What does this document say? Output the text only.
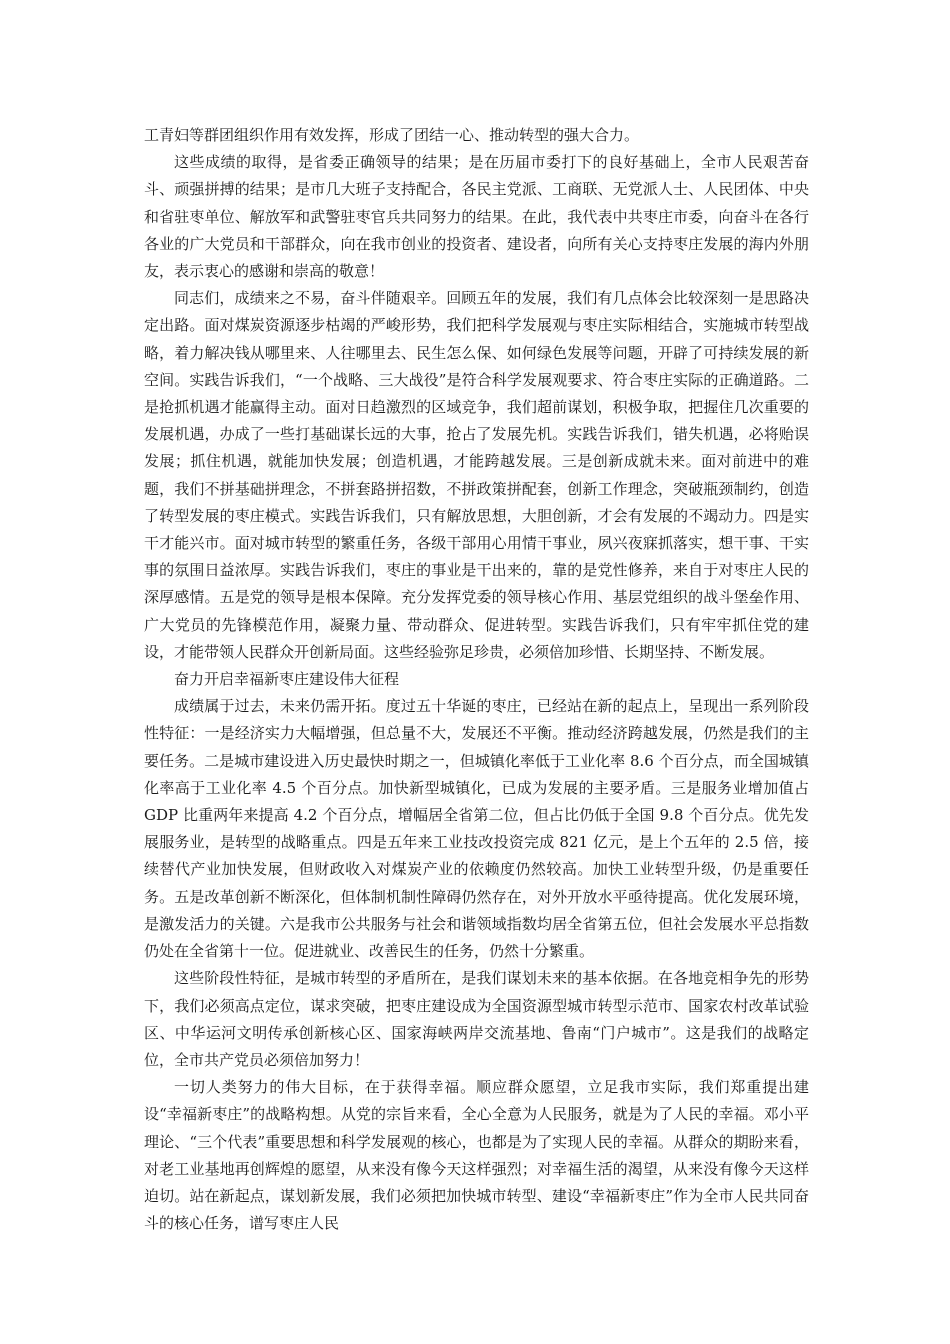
工青妇等群团组织作用有效发挥，形成了团结一心、推动转型的强大合力。

这些成绩的取得，是省委正确领导的结果；是在历届市委打下的良好基础上，全市人民艰苦奋斗、顽强拼搏的结果；是市几大班子支持配合，各民主党派、工商联、无党派人士、人民团体、中央和省驻枣单位、解放军和武警驻枣官兵共同努力的结果。在此，我代表中共枣庄市委，向奋斗在各行各业的广大党员和干部群众，向在我市创业的投资者、建设者，向所有关心支持枣庄发展的海内外朋友，表示衷心的感谢和崇高的敬意！

同志们，成绩来之不易，奋斗伴随艰辛。回顾五年的发展，我们有几点体会比较深刻一是思路决定出路。面对煤炭资源逐步枯竭的严峻形势，我们把科学发展观与枣庄实际相结合，实施城市转型战略，着力解决钱从哪里来、人往哪里去、民生怎么保、如何绿色发展等问题，开辟了可持续发展的新空间。实践告诉我们，“一个战略、三大战役”是符合科学发展观要求、符合枣庄实际的正确道路。二是抢抓机遇才能赢得主动。面对日趋激烈的区域竞争，我们超前谋划，积极争取，把握住几次重要的发展机遇，办成了一些打基础谋长远的大事，抢占了发展先机。实践告诉我们，错失机遇，必将贻误发展；抓住机遇，就能加快发展；创造机遇，才能跨越发展。三是创新成就未来。面对前进中的难题，我们不拼基础拼理念，不拼套路拼招数，不拼政策拼配套，创新工作理念，突破瓶颈制约，创造了转型发展的枣庄模式。实践告诉我们，只有解放思想，大胆创新，才会有发展的不竭动力。四是实干才能兴市。面对城市转型的繁重任务，各级干部用心用情干事业，夙兴夜寐抓落实，想干事、干实事的氛围日益浓厚。实践告诉我们，枣庄的事业是干出来的，靠的是党性修养，来自于对枣庄人民的深厚感情。五是党的领导是根本保障。充分发挥党委的领导核心作用、基层党组织的战斗堡垒作用、广大党员的先锋模范作用，凝聚力量、带动群众、促进转型。实践告诉我们，只有牢牢抓住党的建设，才能带领人民群众开创新局面。这些经验弥足珍贵，必须倍加珍惜、长期坚持、不断发展。

奋力开启幸福新枣庄建设伟大征程

成绩属于过去，未来仍需开拓。度过五十华诞的枣庄，已经站在新的起点上，呈现出一系列阶段性特征：一是经济实力大幅增强，但总量不大，发展还不平衡。推动经济跨越发展，仍然是我们的主要任务。二是城市建设进入历史最快时期之一，但城镇化率低于工业化率 8.6 个百分点，而全国城镇化率高于工业化率 4.5 个百分点。加快新型城镇化，已成为发展的主要矛盾。三是服务业增加值占 GDP 比重两年来提高 4.2 个百分点，增幅居全省第二位，但占比仍低于全国 9.8 个百分点。优先发展服务业，是转型的战略重点。四是五年来工业技改投资完成 821 亿元，是上个五年的 2.5 倍，接续替代产业加快发展，但财政收入对煤炭产业的依赖度仍然较高。加快工业转型升级，仍是重要任务。五是改革创新不断深化，但体制机制性障碍仍然存在，对外开放水平亟待提高。优化发展环境，是激发活力的关键。六是我市公共服务与社会和谐领域指数均居全省第五位，但社会发展水平总指数仍处在全省第十一位。促进就业、改善民生的任务，仍然十分繁重。

这些阶段性特征，是城市转型的矛盾所在，是我们谋划未来的基本依据。在各地竞相争先的形势下，我们必须高点定位，谋求突破，把枣庄建设成为全国资源型城市转型示范市、国家农村改革试验区、中华运河文明传承创新核心区、国家海峡两岸交流基地、鲁南“门户城市”。这是我们的战略定位，全市共产党员必须倍加努力！

一切人类努力的伟大目标，在于获得幸福。顺应群众愿望，立足我市实际，我们郑重提出建设“幸福新枣庄”的战略构想。从党的宗旨来看，全心全意为人民服务，就是为了人民的幸福。邓小平理论、“三个代表”重要思想和科学发展观的核心，也都是为了实现人民的幸福。从群众的期盼来看，对老工业基地再创辉煌的愿望，从来没有像今天这样强烈；对幸福生活的渴望，从来没有像今天这样迫切。站在新起点，谋划新发展，我们必须把加快城市转型、建设“幸福新枣庄”作为全市人民共同奋斗的核心任务，谱写枣庄人民
